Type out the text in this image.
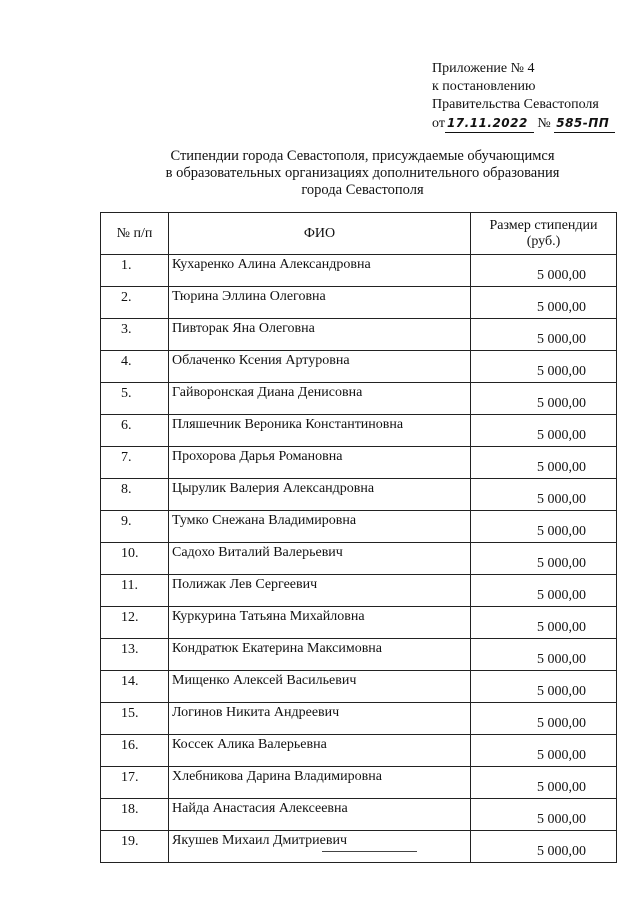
Приложение № 4
к постановлению
Правительства Севастополя
от 17.11.2022 № 585-ПП
Стипендии города Севастополя, присуждаемые обучающимся
в образовательных организациях дополнительного образования
города Севастополя
№ п/п	ФИО	Размер стипендии
(руб.)
1.	Кухаренко Алина Александровна	5 000,00
2.	Тюрина Эллина Олеговна	5 000,00
3.	Пивторак Яна Олеговна	5 000,00
4.	Облаченко Ксения Артуровна	5 000,00
5.	Гайворонская Диана Денисовна	5 000,00
6.	Пляшечник Вероника Константиновна	5 000,00
7.	Прохорова Дарья Романовна	5 000,00
8.	Цырулик Валерия Александровна	5 000,00
9.	Тумко Снежана Владимировна	5 000,00
10.	Садохо Виталий Валерьевич	5 000,00
11.	Полижак Лев Сергеевич	5 000,00
12.	Куркурина Татьяна Михайловна	5 000,00
13.	Кондратюк Екатерина Максимовна	5 000,00
14.	Мищенко Алексей Васильевич	5 000,00
15.	Логинов Никита Андреевич	5 000,00
16.	Коссек Алика Валерьевна	5 000,00
17.	Хлебникова Дарина Владимировна	5 000,00
18.	Найда Анастасия Алексеевна	5 000,00
19.	Якушев Михаил Дмитриевич	5 000,00
